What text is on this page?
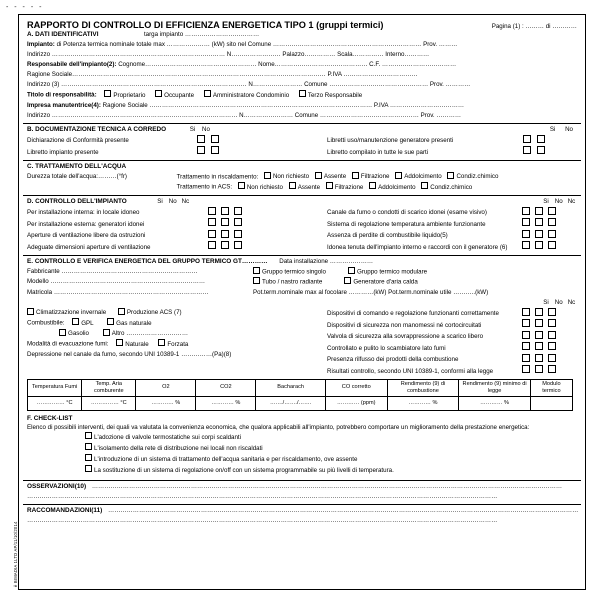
- - - - -
è BIMADIA 1LTD AP/11/10/2014
RAPPORTO DI CONTROLLO DI EFFICIENZA ENERGETICA TIPO 1 (gruppi termici)	Pagina (1) : ……… di …………
A. DATI IDENTIFICATIVI	targa impianto ………………………………
Impianto: di Potenza termica nominale totale max ………………… (kW) sito nel Comune ……………………………………………………………… Prov. ………
Indirizzo ………………………………………………………………………… N…………………… Palazzo…………… Scala…………… Interno…………
Responsabile dell'impianto(2): Cognome……………………………………………… Nome……………………………………… C.F. ………………………………
Ragione Sociale…………………………………………………………………………………………………………… P.IVA ………………………………
Indirizzo (3) ……………………………………………………………………………… N…………………… Comune ………………………………………… Prov. …………
Titolo di responsabilità:	Proprietario	Occupante	Amministratore Condominio	Terzo Responsabile
Impresa manutentrice(4): Ragione Sociale ……………………………………………………………………………………………… P.IVA ………………………………
Indirizzo ……………………………………………………………………………… N…………………… Comune ………………………………………… Prov. …………
B. DOCUMENTAZIONE TECNICA A CORREDO	Si No
Dichiarazione di Conformità presente
Libretto impianto presente
Si No
Libretti uso/manutenzione generatore presenti
Libretto compilato in tutte le sue parti
C. TRATTAMENTO DELL'ACQUA
Durezza totale dell'acqua:………(°fr)	Trattamento in riscaldamento: Non richiesto Assente Filtrazione Addolcimento Condiz.chimico
Trattamento in ACS: Non richiesto Assente Filtrazione Addolcimento Condiz.chimico
D. CONTROLLO DELL'IMPIANTO	Si No Nc
Per installazione interna: in locale idoneo
Per installazione esterna: generatori idonei
Aperture di ventilazione libere da ostruzioni
Adeguate dimensioni aperture di ventilazione
Si No Nc
Canale da fumo o condotti di scarico idonei (esame visivo)
Sistema di regolazione temperatura ambiente funzionante
Assenza di perdite di combustibile liquido(5)
Idonea tenuta dell'impianto interno e raccordi con il generatore (6)
E. CONTROLLO E VERIFICA ENERGETICA DEL GRUPPO TERMICO GT………… Data installazione …………………
Fabbricante …………………………………………………………	Gruppo termico singolo	Gruppo termico modulare
Modello …………………………………………………………………	Tubo / nastro radiante	Generatore d'aria calda
Matricola …………………………………………………………………	Pot.term.nominale max al focolare …………(kW) Pot.term.nominale utile ………..(kW)
Si No Nc
Climatizzazione invernale	Produzione ACS (7)
Combustibile:	GPL	Gas naturale
Gasolio	Altro …………………………
Modalità di evacuazione fumi:	Naturale	Forzata
Depressione nel canale da fumo, secondo UNI 10389-1 ……………(Pa)(8)
Dispositivi di comando e regolazione funzionanti correttamente
Dispositivi di sicurezza non manomessi né cortocircuitati
Valvola di sicurezza alla sovrappressione a scarico libero
Controllato e pulito lo scambiatore lato fumi
Presenza rilfusso dei prodotti della combustione
Risultati controllo, secondo UNI 10389-1, conformi alla legge
Temperatura Fumi	Temp. Aria comburente	O2	CO2	Bacharach	CO corretto	Rendimento (9) di combustione	Rendimento (9) minimo di legge	Modulo termico
…………… °C	…………… °C	………… %	………… %	……./……./…….	………… (ppm)	………… %	………… %	
F. CHECK-LIST
Elenco di possibili interventi, dei quali va valutata la convenienza economica, che qualora applicabili all'impianto, potrebbero comportare un miglioramento della prestazione energetica:
L'adozione di valvole termostatiche sui corpi scaldanti
L'isolamento della rete di distribuzione nei locali non riscaldati
L'introduzione di un sistema di trattamento dell'acqua sanitaria e per riscaldamento, ove assente
La sostituzione di un sistema di regolazione on/off con un sistema programmabile su più livelli di temperatura.
OSSERVAZIONI(10) …………………………………………………………………………………………………………………………………………………………………………………………………………
…………………………………………………………………………………………………………………………………………………………………………………………………………
RACCOMANDAZIONI(11) …………………………………………………………………………………………………………………………………………………………………………………………………………
…………………………………………………………………………………………………………………………………………………………………………………………………………
